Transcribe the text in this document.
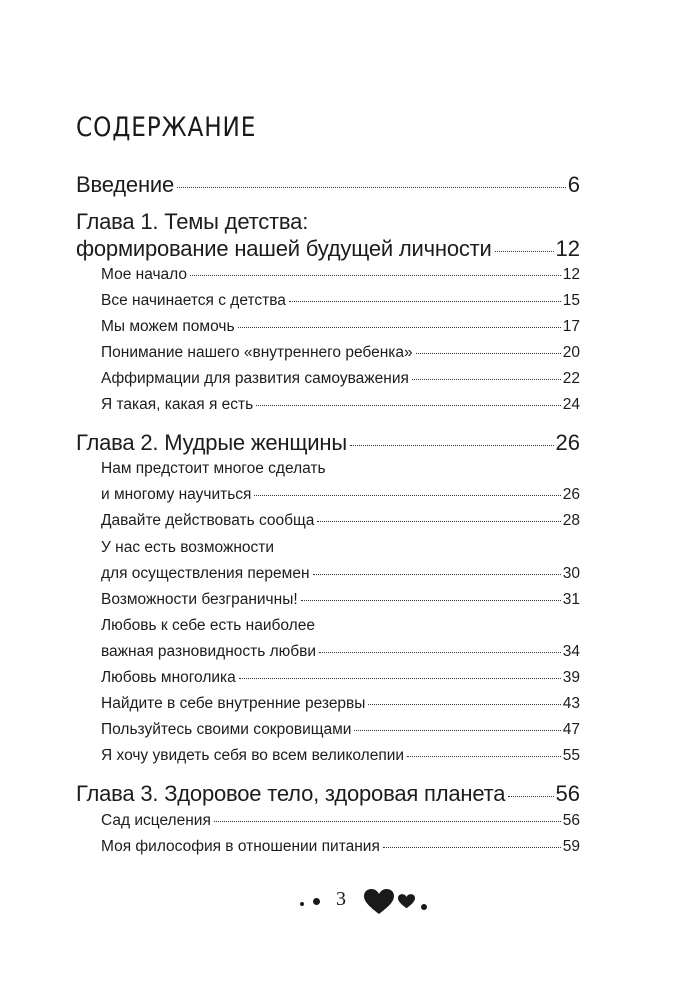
СОДЕРЖАНИЕ
Введение	6
Глава 1. Темы детства:
формирование нашей будущей личности	12
Мое начало	12
Все начинается с детства	15
Мы можем помочь	17
Понимание нашего «внутреннего ребенка»	20
Аффирмации для развития самоуважения	22
Я такая, какая я есть	24
Глава 2. Мудрые женщины	26
Нам предстоит многое сделать
и многому научиться	26
Давайте действовать сообща	28
У нас есть возможности
для осуществления перемен	30
Возможности безграничны!	31
Любовь к себе есть наиболее
важная разновидность любви	34
Любовь многолика	39
Найдите в себе внутренние резервы	43
Пользуйтесь своими сокровищами	47
Я хочу увидеть себя во всем великолепии	55
Глава 3. Здоровое тело, здоровая планета 56
Сад исцеления	56
Моя философия в отношении питания	59
3
